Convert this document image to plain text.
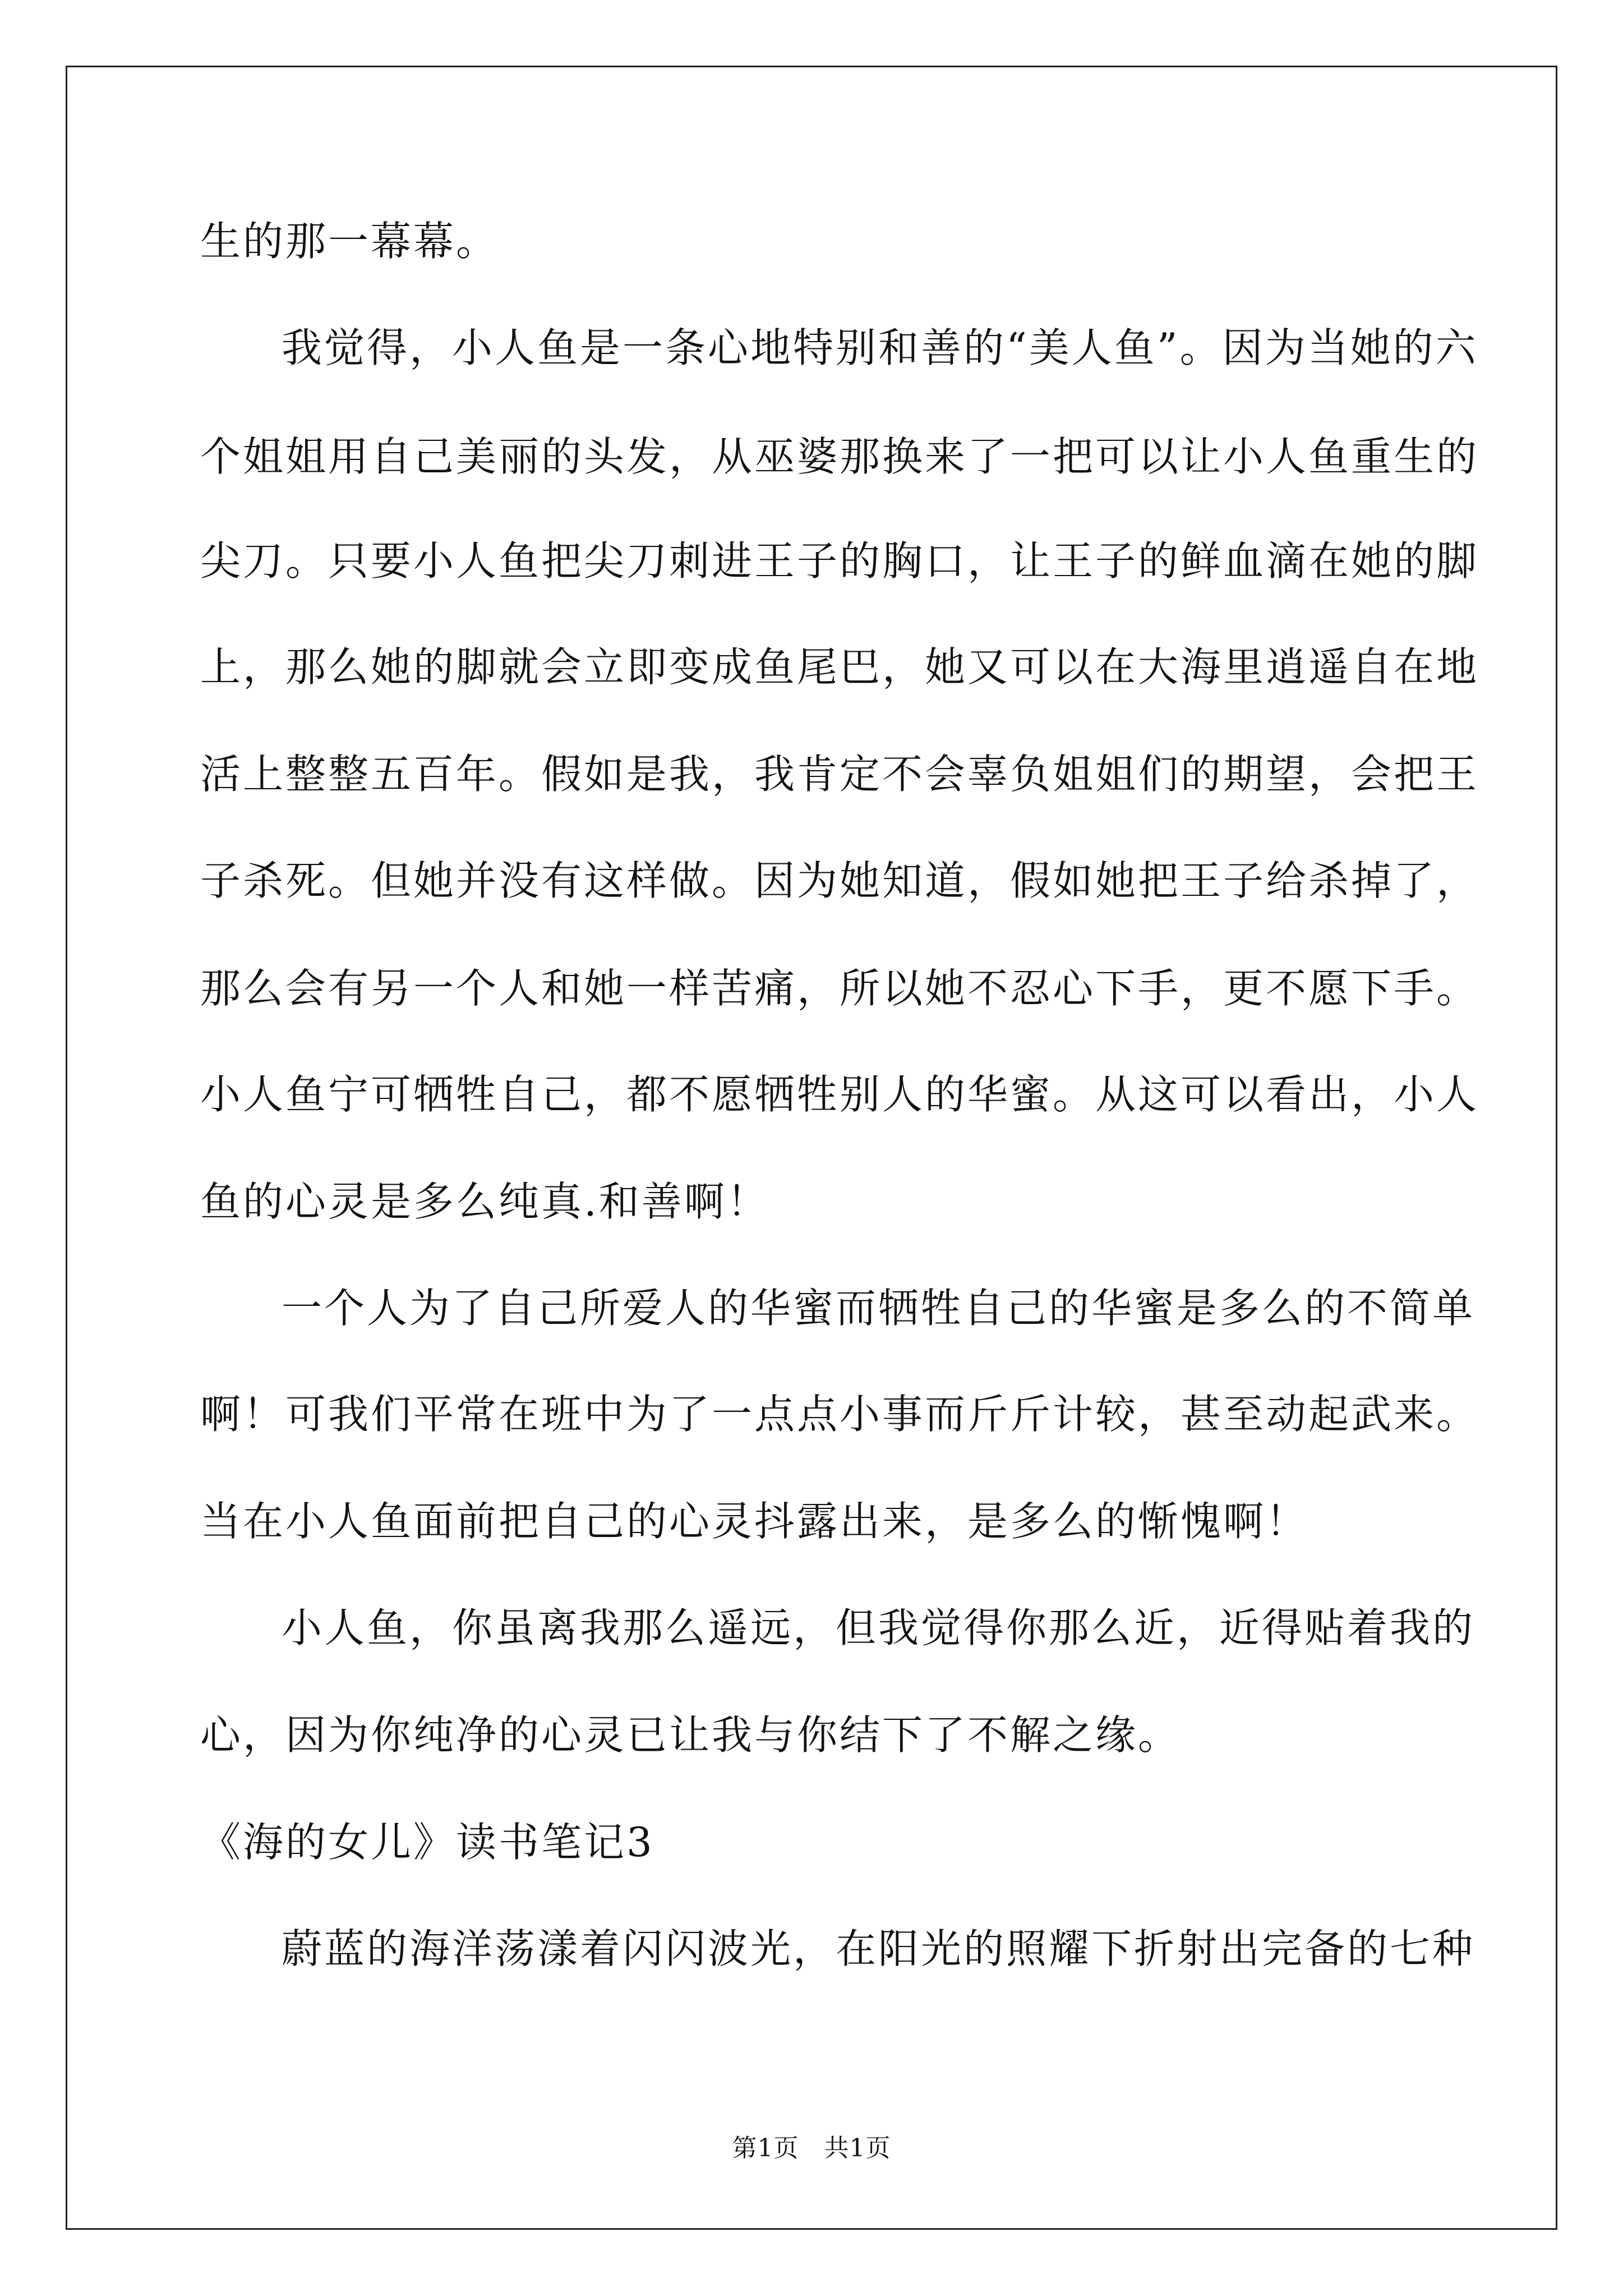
生的那一幕幕。
我觉得，小人鱼是一条心地特别和善的“美人鱼”。因为当她的六
个姐姐用自己美丽的头发，从巫婆那换来了一把可以让小人鱼重生的
尖刀。只要小人鱼把尖刀刺进王子的胸口，让王子的鲜血滴在她的脚
上，那么她的脚就会立即变成鱼尾巴，她又可以在大海里逍遥自在地
活上整整五百年。假如是我，我肯定不会辜负姐姐们的期望，会把王
子杀死。但她并没有这样做。因为她知道，假如她把王子给杀掉了，
那么会有另一个人和她一样苦痛，所以她不忍心下手，更不愿下手。
小人鱼宁可牺牲自己，都不愿牺牲别人的华蜜。从这可以看出，小人
鱼的心灵是多么纯真.和善啊！
一个人为了自己所爱人的华蜜而牺牲自己的华蜜是多么的不简单
啊！可我们平常在班中为了一点点小事而斤斤计较，甚至动起武来。
当在小人鱼面前把自己的心灵抖露出来，是多么的惭愧啊！
小人鱼，你虽离我那么遥远，但我觉得你那么近，近得贴着我的
心，因为你纯净的心灵已让我与你结下了不解之缘。
《海的女儿》读书笔记3
蔚蓝的海洋荡漾着闪闪波光，在阳光的照耀下折射出完备的七种
第1页　共1页
